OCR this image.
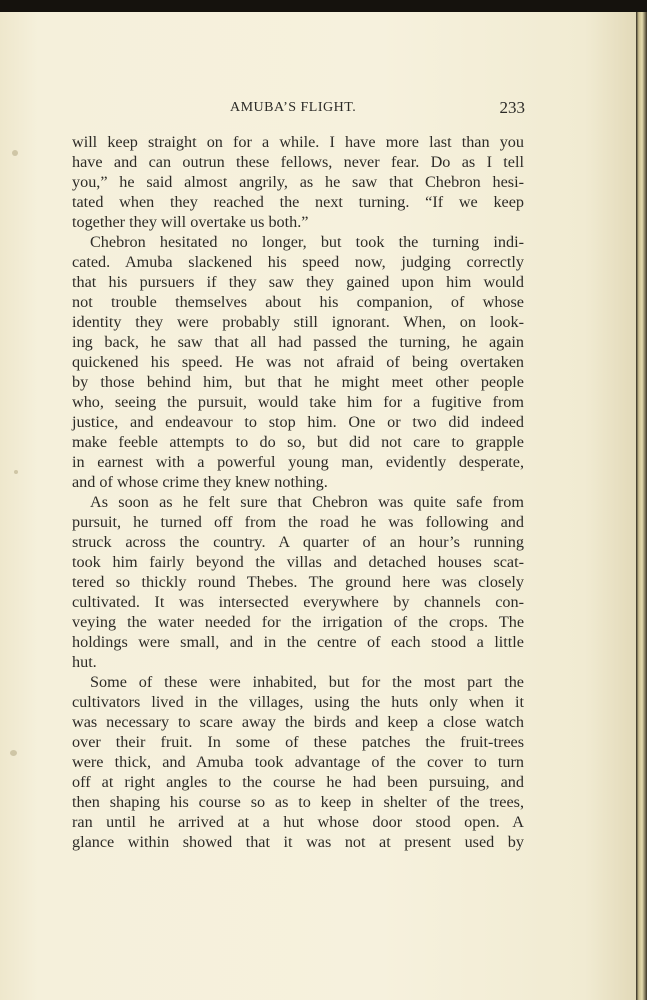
AMUBA’S FLIGHT.	233
will keep straight on for a while. I have more last than you
have and can outrun these fellows, never fear. Do as I tell
you,” he said almost angrily, as he saw that Chebron hesi-
tated when they reached the next turning. “If we keep
together they will overtake us both.”
Chebron hesitated no longer, but took the turning indi-
cated. Amuba slackened his speed now, judging correctly
that his pursuers if they saw they gained upon him would
not trouble themselves about his companion, of whose
identity they were probably still ignorant. When, on look-
ing back, he saw that all had passed the turning, he again
quickened his speed. He was not afraid of being overtaken
by those behind him, but that he might meet other people
who, seeing the pursuit, would take him for a fugitive from
justice, and endeavour to stop him. One or two did indeed
make feeble attempts to do so, but did not care to grapple
in earnest with a powerful young man, evidently desperate,
and of whose crime they knew nothing.
As soon as he felt sure that Chebron was quite safe from
pursuit, he turned off from the road he was following and
struck across the country. A quarter of an hour’s running
took him fairly beyond the villas and detached houses scat-
tered so thickly round Thebes. The ground here was closely
cultivated. It was intersected everywhere by channels con-
veying the water needed for the irrigation of the crops. The
holdings were small, and in the centre of each stood a little
hut.
Some of these were inhabited, but for the most part the
cultivators lived in the villages, using the huts only when it
was necessary to scare away the birds and keep a close watch
over their fruit. In some of these patches the fruit-trees
were thick, and Amuba took advantage of the cover to turn
off at right angles to the course he had been pursuing, and
then shaping his course so as to keep in shelter of the trees,
ran until he arrived at a hut whose door stood open. A
glance within showed that it was not at present used by
